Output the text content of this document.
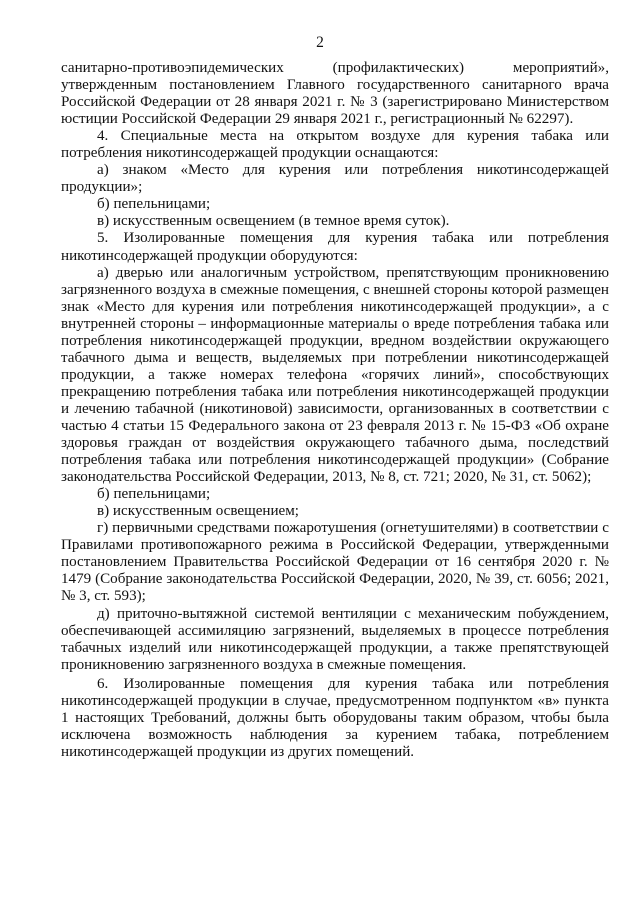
2

санитарно-противоэпидемических (профилактических) мероприятий», утвержденным постановлением Главного государственного санитарного врача Российской Федерации от 28 января 2021 г. № 3 (зарегистрировано Министерством юстиции Российской Федерации 29 января 2021 г., регистрационный № 62297).

4. Специальные места на открытом воздухе для курения табака или потребления никотинсодержащей продукции оснащаются:

а) знаком «Место для курения или потребления никотинсодержащей продукции»;

б) пепельницами;

в) искусственным освещением (в темное время суток).

5. Изолированные помещения для курения табака или потребления никотинсодержащей продукции оборудуются:

а) дверью или аналогичным устройством, препятствующим проникновению загрязненного воздуха в смежные помещения, с внешней стороны которой размещен знак «Место для курения или потребления никотинсодержащей продукции», а с внутренней стороны – информационные материалы о вреде потребления табака или потребления никотинсодержащей продукции, вредном воздействии окружающего табачного дыма и веществ, выделяемых при потреблении никотинсодержащей продукции, а также номерах телефона «горячих линий», способствующих прекращению потребления табака или потребления никотинсодержащей продукции и лечению табачной (никотиновой) зависимости, организованных в соответствии с частью 4 статьи 15 Федерального закона от 23 февраля 2013 г. № 15-ФЗ «Об охране здоровья граждан от воздействия окружающего табачного дыма, последствий потребления табака или потребления никотинсодержащей продукции» (Собрание законодательства Российской Федерации, 2013, № 8, ст. 721; 2020, № 31, ст. 5062);

б) пепельницами;

в) искусственным освещением;

г) первичными средствами пожаротушения (огнетушителями) в соответствии с Правилами противопожарного режима в Российской Федерации, утвержденными постановлением Правительства Российской Федерации от 16 сентября 2020 г. № 1479 (Собрание законодательства Российской Федерации, 2020, № 39, ст. 6056; 2021, № 3, ст. 593);

д) приточно-вытяжной системой вентиляции с механическим побуждением, обеспечивающей ассимиляцию загрязнений, выделяемых в процессе потребления табачных изделий или никотинсодержащей продукции, а также препятствующей проникновению загрязненного воздуха в смежные помещения.

6. Изолированные помещения для курения табака или потребления никотинсодержащей продукции в случае, предусмотренном подпунктом «в» пункта 1 настоящих Требований, должны быть оборудованы таким образом, чтобы была исключена возможность наблюдения за курением табака, потреблением никотинсодержащей продукции из других помещений.
